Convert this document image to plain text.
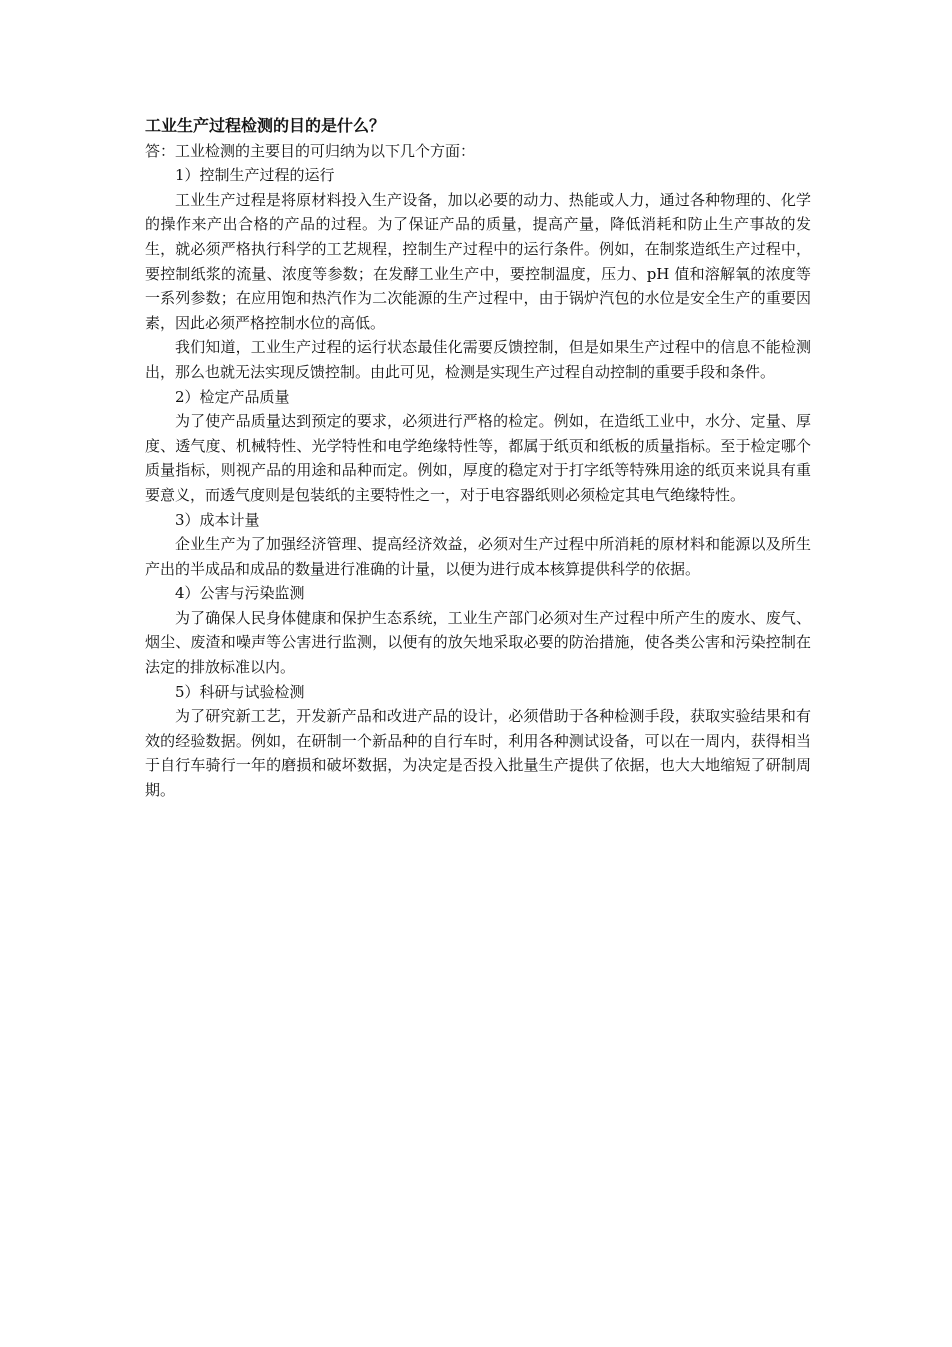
工业生产过程检测的目的是什么？

答：工业检测的主要目的可归纳为以下几个方面：

1）控制生产过程的运行

工业生产过程是将原材料投入生产设备，加以必要的动力、热能或人力，通过各种物理的、化学的操作来产出合格的产品的过程。为了保证产品的质量，提高产量，降低消耗和防止生产事故的发生，就必须严格执行科学的工艺规程，控制生产过程中的运行条件。例如，在制浆造纸生产过程中，要控制纸浆的流量、浓度等参数；在发酵工业生产中，要控制温度，压力、pH 值和溶解氧的浓度等一系列参数；在应用饱和热汽作为二次能源的生产过程中，由于锅炉汽包的水位是安全生产的重要因素，因此必须严格控制水位的高低。

我们知道，工业生产过程的运行状态最佳化需要反馈控制，但是如果生产过程中的信息不能检测出，那么也就无法实现反馈控制。由此可见，检测是实现生产过程自动控制的重要手段和条件。

2）检定产品质量

为了使产品质量达到预定的要求，必须进行严格的检定。例如，在造纸工业中，水分、定量、厚度、透气度、机械特性、光学特性和电学绝缘特性等，都属于纸页和纸板的质量指标。至于检定哪个质量指标，则视产品的用途和品种而定。例如，厚度的稳定对于打字纸等特殊用途的纸页来说具有重要意义，而透气度则是包装纸的主要特性之一，对于电容器纸则必须检定其电气绝缘特性。

3）成本计量

企业生产为了加强经济管理、提高经济效益，必须对生产过程中所消耗的原材料和能源以及所生产出的半成品和成品的数量进行准确的计量，以便为进行成本核算提供科学的依据。

4）公害与污染监测

为了确保人民身体健康和保护生态系统，工业生产部门必须对生产过程中所产生的废水、废气、烟尘、废渣和噪声等公害进行监测，以便有的放矢地采取必要的防治措施，使各类公害和污染控制在法定的排放标准以内。

5）科研与试验检测

为了研究新工艺，开发新产品和改进产品的设计，必须借助于各种检测手段，获取实验结果和有效的经验数据。例如，在研制一个新品种的自行车时，利用各种测试设备，可以在一周内，获得相当于自行车骑行一年的磨损和破坏数据，为决定是否投入批量生产提供了依据，也大大地缩短了研制周期。
